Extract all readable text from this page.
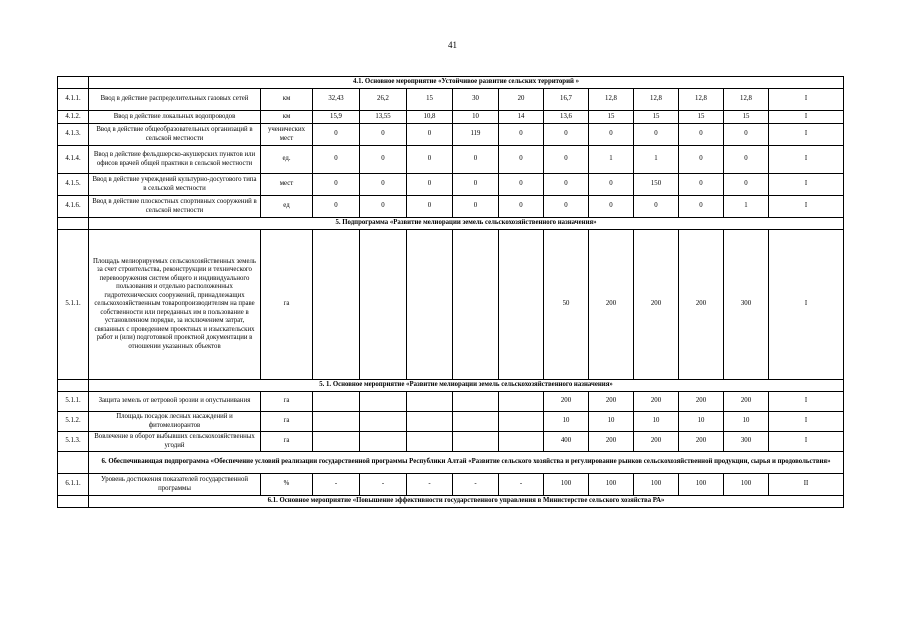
41
	4.1. Основное мероприятие «Устойчивое развитие сельских территорий »												
4.1.1.	Ввод в действие распределительных газовых сетей	км	32,43	26,2	15	30	20	16,7	12,8	12,8	12,8	12,8	I
4.1.2.	Ввод в действие локальных водопроводов	км	15,9	13,55	10,8	10	14	13,6	15	15	15	15	I
4.1.3.	Ввод в действие общеобразовательных организаций в сельской местности	ученических мест	0	0	0	119	0	0	0	0	0	0	I
4.1.4.	Ввод в действие фельдшерско-акушерских пунктов или офисов врачей общей практики в сельской местности	ед.	0	0	0	0	0	0	1	1	0	0	I
4.1.5.	Ввод в действие учреждений культурно-досугового типа в сельской местности	мест	0	0	0	0	0	0	0	150	0	0	I
4.1.6.	Ввод в действие плоскостных спортивных сооружений в сельской местности	ед	0	0	0	0	0	0	0	0	0	1	I
	5. Подпрограмма «Развитие мелиорации земель сельскохозяйственного назначения»												
5.1.1.	Площадь мелиорируемых сельскохозяйственных земель за счет строительства, реконструкции и технического перевооружения систем общего и индивидуального пользования и отдельно расположенных гидротехнических сооружений, принадлежащих сельскохозяйственным товаропроизводителям на праве собственности или переданных им в пользование в установленном порядке, за исключением затрат, связанных с проведением проектных и изыскательских работ и (или) подготовкой проектной документации в отношении указанных объектов	га						50	200	200	200	300	I
	5. 1. Основное мероприятие «Развитие мелиорации земель сельскохозяйственного назначения»												
5.1.1.	Защита земель от ветровой эрозии и опустынивания	га						200	200	200	200	200	I
5.1.2.	Площадь посадок лесных насаждений и фитомелиорантов	га						10	10	10	10	10	I
5.1.3.	Вовлечение в оборот выбывших сельскохозяйственных угодий	га						400	200	200	200	300	I
	6. Обеспечивающая подпрограмма «Обеспечение условий реализации государственной программы Республики Алтай «Развитие сельского хозяйства и регулирование рынков сельскохозяйственной продукции, сырья и продовольствия»												
6.1.1.	Уровень достижения показателей государственной программы	%	-	-	-	-	-	100	100	100	100	100	II
	6.1. Основное мероприятие «Повышение эффективности государственного управления в Министерстве сельского хозяйства РА»												
